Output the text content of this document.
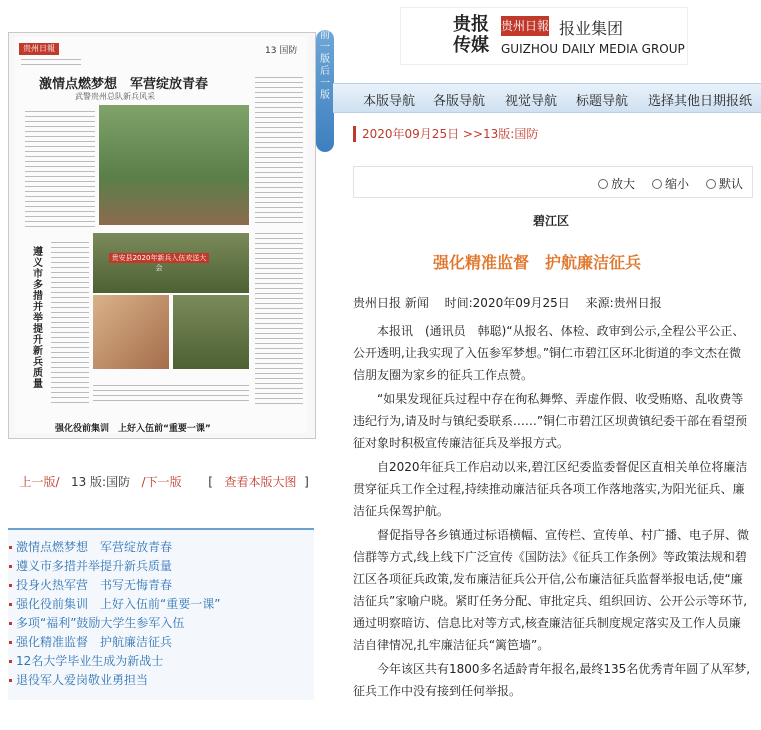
贵州日報	13 国防
激情点燃梦想　军营绽放青春
武警贵州总队新兵风采
遵义市多措并举提升新兵质量
贵安县2020年新兵入伍欢送大会
强化役前集训　上好入伍前“重要一课”
前
一
版
后
一
版
上一版/ 13 版:国防 /下一版 [ 查看本版大图 ]
激情点燃梦想　军营绽放青春
遵义市多措并举提升新兵质量
投身火热军营　书写无悔青春
强化役前集训　上好入伍前“重要一课”
多项“福利”鼓励大学生参军入伍
强化精准监督　护航廉洁征兵
12名大学毕业生成为新战士
退役军人爱岗敬业勇担当
贵报
传媒
贵州日報 报业集团
GUIZHOU DAILY MEDIA GROUP
本版导航 各版导航 视觉导航 标题导航 选择其他日期报纸
2020年09月25日 >>13版:国防
放大	缩小	默认
碧江区
强化精准监督　护航廉洁征兵
贵州日报 新闻　 时间:2020年09月25日　 来源:贵州日报

本报讯　(通讯员　韩聪)“从报名、体检、政审到公示,全程公平公正、公开透明,让我实现了入伍参军梦想。”铜仁市碧江区环北街道的李文杰在微信朋友圈为家乡的征兵工作点赞。

“如果发现征兵过程中存在徇私舞弊、弄虚作假、收受贿赂、乱收费等违纪行为,请及时与镇纪委联系……”铜仁市碧江区坝黄镇纪委干部在看望预征对象时积极宣传廉洁征兵及举报方式。

自2020年征兵工作启动以来,碧江区纪委监委督促区直相关单位将廉洁贯穿征兵工作全过程,持续推动廉洁征兵各项工作落地落实,为阳光征兵、廉洁征兵保驾护航。

督促指导各乡镇通过标语横幅、宣传栏、宣传单、村广播、电子屏、微信群等方式,线上线下广泛宣传《国防法》《征兵工作条例》等政策法规和碧江区各项征兵政策,发布廉洁征兵公开信,公布廉洁征兵监督举报电话,使“廉洁征兵”家喻户晓。紧盯任务分配、审批定兵、组织回访、公开公示等环节,通过明察暗访、信息比对等方式,核查廉洁征兵制度规定落实及工作人员廉洁自律情况,扎牢廉洁征兵“篱笆墙”。

今年该区共有1800多名适龄青年报名,最终135名优秀青年圆了从军梦,征兵工作中没有接到任何举报。
